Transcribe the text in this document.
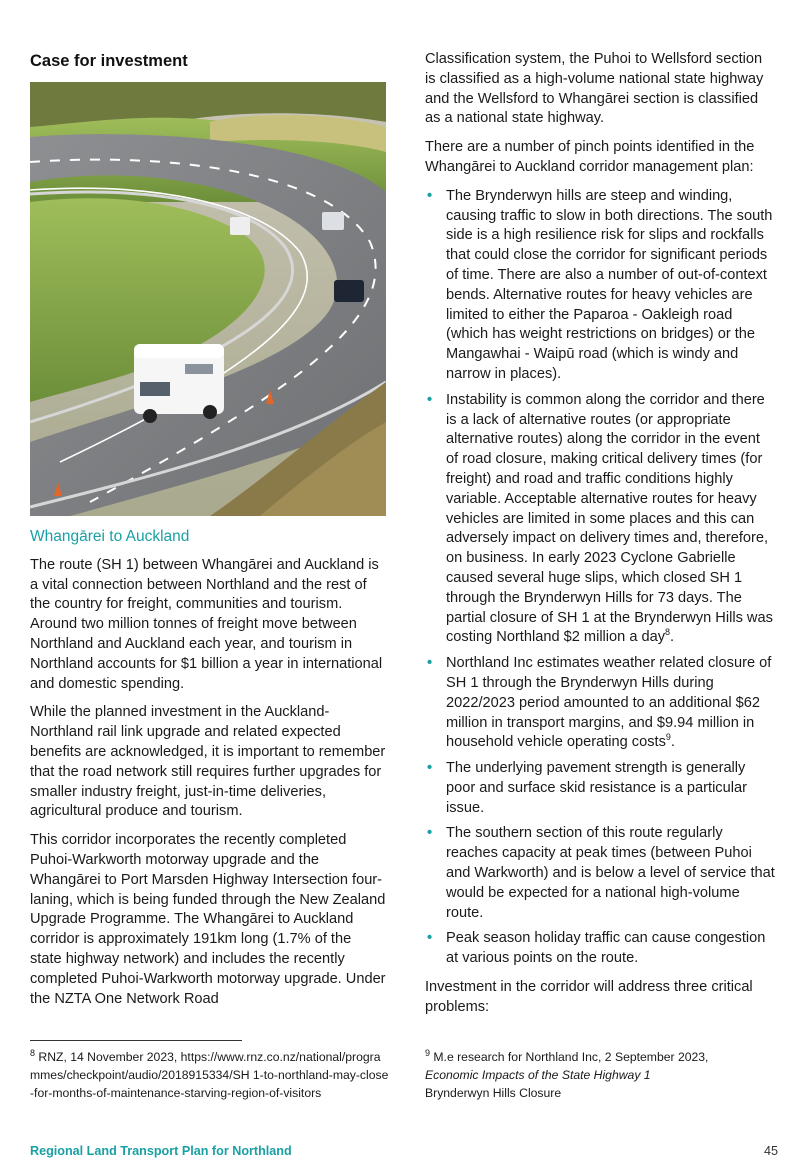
Case for investment
Whangārei to Auckland

The route (SH 1) between Whangārei and Auckland is a vital connection between Northland and the rest of the country for freight, communities and tourism. Around two million tonnes of freight move between Northland and Auckland each year, and tourism in Northland accounts for $1 billion a year in international and domestic spending.

While the planned investment in the Auckland-Northland rail link upgrade and related expected benefits are acknowledged, it is important to remember that the road network still requires further upgrades for smaller industry freight, just-in-time deliveries, agricultural produce and tourism.

This corridor incorporates the recently completed Puhoi-Warkworth motorway upgrade and the Whangārei to Port Marsden Highway Intersection four-laning, which is being funded through the New Zealand Upgrade Programme. The Whangārei to Auckland corridor is approximately 191km long (1.7% of the state highway network) and includes the recently completed Puhoi-Warkworth motorway upgrade. Under the NZTA One Network Road

Classification system, the Puhoi to Wellsford section is classified as a high-volume national state highway and the Wellsford to Whangārei section is classified as a national state highway.

There are a number of pinch points identified in the Whangārei to Auckland corridor management plan:

• The Brynderwyn hills are steep and winding, causing traffic to slow in both directions. The south side is a high resilience risk for slips and rockfalls that could close the corridor for significant periods of time. There are also a number of out-of-context bends. Alternative routes for heavy vehicles are limited to either the Paparoa - Oakleigh road (which has weight restrictions on bridges) or the Mangawhai - Waipū road (which is windy and narrow in places).
• Instability is common along the corridor and there is a lack of alternative routes (or appropriate alternative routes) along the corridor in the event of road closure, making critical delivery times (for freight) and road and traffic conditions highly variable. Acceptable alternative routes for heavy vehicles are limited in some places and this can adversely impact on delivery times and, therefore, on business. In early 2023 Cyclone Gabrielle caused several huge slips, which closed SH 1 through the Brynderwyn Hills for 73 days. The partial closure of SH 1 at the Brynderwyn Hills was costing Northland $2 million a day$^8$.
• Northland Inc estimates weather related closure of SH 1 through the Brynderwyn Hills during 2022/2023 period amounted to an additional $62 million in transport margins, and $9.94 million in household vehicle operating costs$^9$.
• The underlying pavement strength is generally poor and surface skid resistance is a particular issue.
• The southern section of this route regularly reaches capacity at peak times (between Puhoi and Warkworth) and is below a level of service that would be expected for a national high-volume route.
• Peak season holiday traffic can cause congestion at various points on the route.

Investment in the corridor will address three critical problems:

$^8$ RNZ, 14 November 2023, https://www.rnz.co.nz/national/programmes/checkpoint/audio/2018915334/SH 1-to-northland-may-close-for-months-of-maintenance-starving-region-of-visitors
$^9$ M.e research for Northland Inc, 2 September 2023,
Economic Impacts of the State Highway 1
Brynderwyn Hills Closure
Regional Land Transport Plan for Northland	45
